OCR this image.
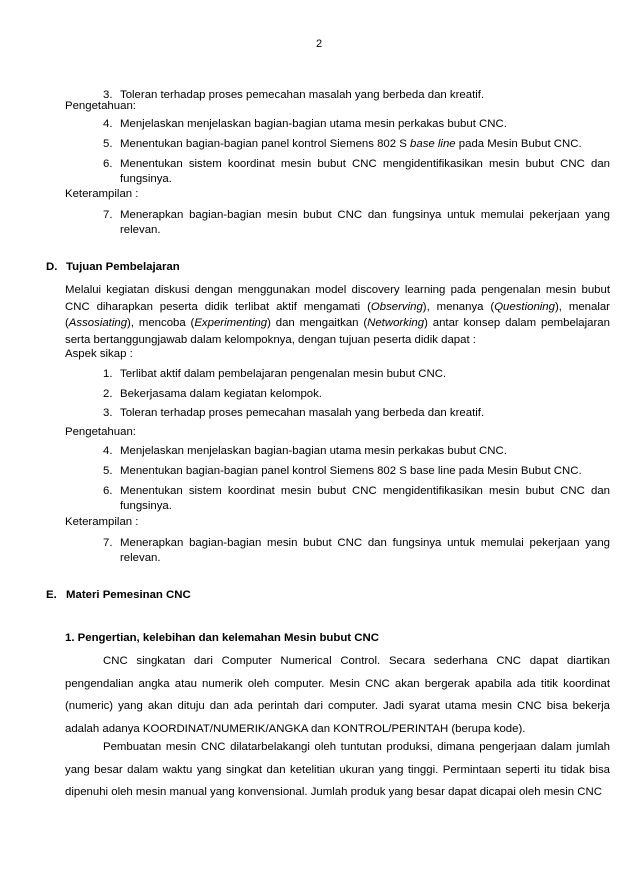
2
3. Toleran terhadap proses pemecahan masalah yang berbeda dan kreatif.
Pengetahuan:
4. Menjelaskan menjelaskan bagian-bagian utama mesin perkakas bubut CNC.
5. Menentukan bagian-bagian panel kontrol Siemens 802 S base line pada Mesin Bubut CNC.
6. Menentukan sistem koordinat mesin bubut CNC mengidentifikasikan mesin bubut CNC dan fungsinya.
Keterampilan :
7. Menerapkan bagian-bagian mesin bubut CNC dan fungsinya untuk memulai pekerjaan yang relevan.
D. Tujuan Pembelajaran
Melalui kegiatan diskusi dengan menggunakan model discovery learning pada pengenalan mesin bubut CNC diharapkan peserta didik terlibat aktif mengamati (Observing), menanya (Questioning), menalar (Assosiating), mencoba (Experimenting) dan mengaitkan (Networking) antar konsep dalam pembelajaran serta bertanggungjawab dalam kelompoknya, dengan tujuan peserta didik dapat :
Aspek sikap :
1. Terlibat aktif dalam pembelajaran pengenalan mesin bubut CNC.
2. Bekerjasama dalam kegiatan kelompok.
3. Toleran terhadap proses pemecahan masalah yang berbeda dan kreatif.
Pengetahuan:
4. Menjelaskan menjelaskan bagian-bagian utama mesin perkakas bubut CNC.
5. Menentukan bagian-bagian panel kontrol Siemens 802 S base line pada Mesin Bubut CNC.
6. Menentukan sistem koordinat mesin bubut CNC mengidentifikasikan mesin bubut CNC dan fungsinya.
Keterampilan :
7. Menerapkan bagian-bagian mesin bubut CNC dan fungsinya untuk memulai pekerjaan yang relevan.
E. Materi Pemesinan CNC
1. Pengertian, kelebihan dan kelemahan Mesin bubut CNC
CNC singkatan dari Computer Numerical Control. Secara sederhana CNC dapat diartikan pengendalian angka atau numerik oleh computer. Mesin CNC akan bergerak apabila ada titik koordinat (numeric) yang akan dituju dan ada perintah dari computer. Jadi syarat utama mesin CNC bisa bekerja adalah adanya KOORDINAT/NUMERIK/ANGKA dan KONTROL/PERINTAH (berupa kode).
Pembuatan mesin CNC dilatarbelakangi oleh tuntutan produksi, dimana pengerjaan dalam jumlah yang besar dalam waktu yang singkat dan ketelitian ukuran yang tinggi. Permintaan seperti itu tidak bisa dipenuhi oleh mesin manual yang konvensional. Jumlah produk yang besar dapat dicapai oleh mesin CNC
